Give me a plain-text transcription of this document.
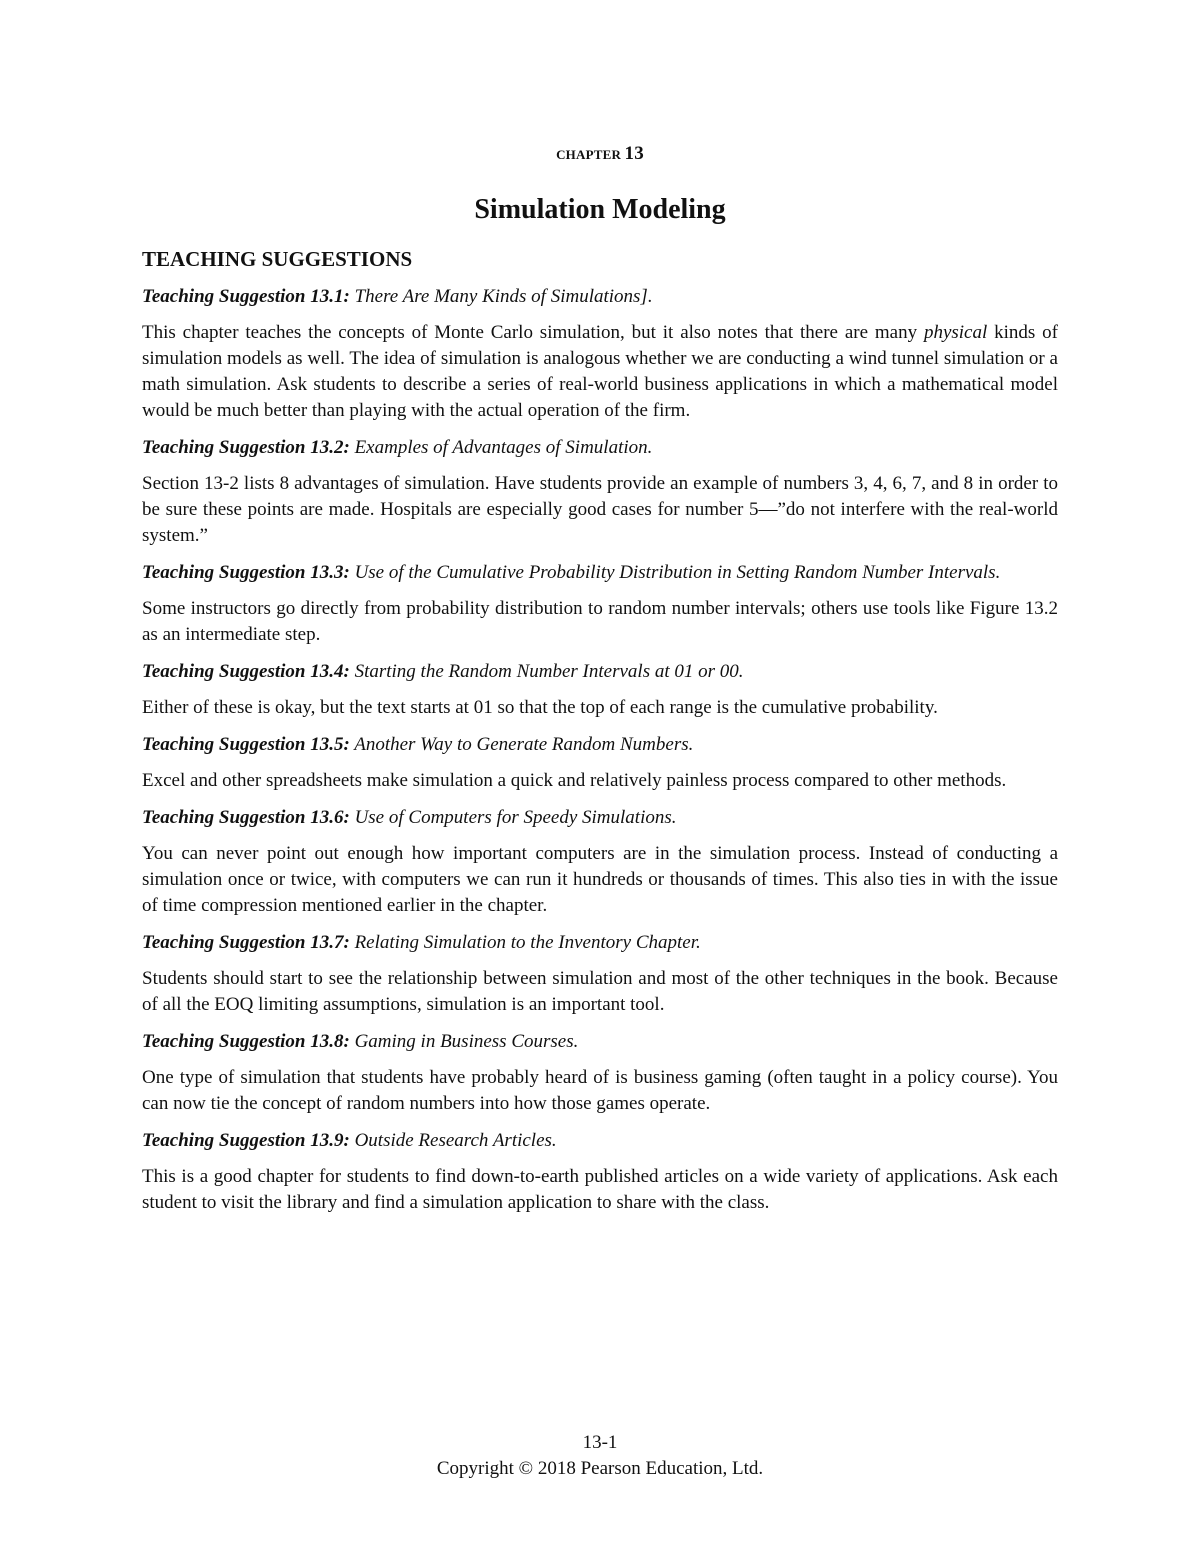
CHAPTER 13
Simulation Modeling
TEACHING SUGGESTIONS

Teaching Suggestion 13.1: There Are Many Kinds of Simulations].

This chapter teaches the concepts of Monte Carlo simulation, but it also notes that there are many physical kinds of simulation models as well. The idea of simulation is analogous whether we are conducting a wind tunnel simulation or a math simulation. Ask students to describe a series of real-world business applications in which a mathematical model would be much better than playing with the actual operation of the firm.

Teaching Suggestion 13.2: Examples of Advantages of Simulation.

Section 13-2 lists 8 advantages of simulation. Have students provide an example of numbers 3, 4, 6, 7, and 8 in order to be sure these points are made. Hospitals are especially good cases for number 5—”do not interfere with the real-world system.”

Teaching Suggestion 13.3: Use of the Cumulative Probability Distribution in Setting Random Number Intervals.

Some instructors go directly from probability distribution to random number intervals; others use tools like Figure 13.2 as an intermediate step.

Teaching Suggestion 13.4: Starting the Random Number Intervals at 01 or 00.

Either of these is okay, but the text starts at 01 so that the top of each range is the cumulative probability.

Teaching Suggestion 13.5: Another Way to Generate Random Numbers.

Excel and other spreadsheets make simulation a quick and relatively painless process compared to other methods.

Teaching Suggestion 13.6: Use of Computers for Speedy Simulations.

You can never point out enough how important computers are in the simulation process. Instead of conducting a simulation once or twice, with computers we can run it hundreds or thousands of times. This also ties in with the issue of time compression mentioned earlier in the chapter.

Teaching Suggestion 13.7: Relating Simulation to the Inventory Chapter.

Students should start to see the relationship between simulation and most of the other techniques in the book. Because of all the EOQ limiting assumptions, simulation is an important tool.

Teaching Suggestion 13.8: Gaming in Business Courses.

One type of simulation that students have probably heard of is business gaming (often taught in a policy course). You can now tie the concept of random numbers into how those games operate.

Teaching Suggestion 13.9: Outside Research Articles.

This is a good chapter for students to find down-to-earth published articles on a wide variety of applications. Ask each student to visit the library and find a simulation application to share with the class.

13-1
Copyright © 2018 Pearson Education, Ltd.
